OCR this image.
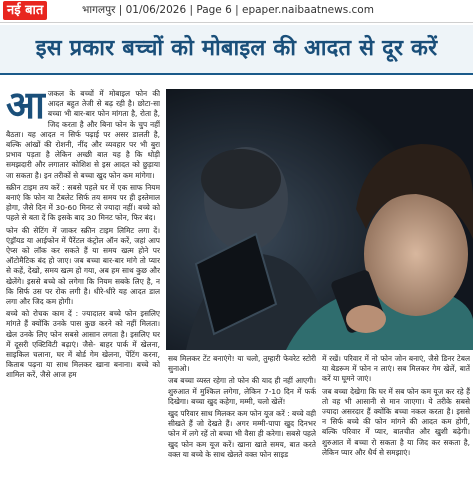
नई बात	भागलपुर | 01/06/2026 | Page 6 | epaper.naibaatnews.com
इस प्रकार बच्चों को मोबाइल की आदत से दूर करें

आजकल के बच्चों में मोबाइल फोन की आदत बहुत तेजी से बढ़ रही है। छोटा-सा बच्चा भी बार-बार फोन मांगता है, रोता है, जिद करता है और बिना फोन के चुप नहीं बैठता। यह आदत न सिर्फ पढ़ाई पर असर डालती है, बल्कि आंखों की रोशनी, नींद और व्यवहार पर भी बुरा प्रभाव पड़ता है लेकिन अच्छी बात यह है कि थोड़ी समझदारी और लगातार कोशिश से इस आदत को छुड़ाया जा सकता है। इन तरीकों से बच्चा खुद फोन कम मांगेगा।

स्क्रीन टाइम तय करें : सबसे पहले घर में एक साफ नियम बनाएं कि फोन या टैबलेट सिर्फ तय समय पर ही इस्तेमाल होगा, जैसे दिन में 30-60 मिनट से ज्यादा नहीं। बच्चे को पहले से बता दें कि इसके बाद 30 मिनट फोन, फिर बंद।

फोन की सेटिंग में जाकर स्क्रीन टाइम लिमिट लगा दें। एंड्रॉयड या आईफोन में पैरेंटल कंट्रोल ऑन करें, जहां आप ऐप्स को लॉक कर सकते हैं या समय खत्म होने पर ऑटोमैटिक बंद हो जाए। जब बच्चा बार-बार मांगे तो प्यार से कहें, देखो, समय खत्म हो गया, अब हम साथ कुछ और खेलेंगे। इससे बच्चे को लगेगा कि नियम सबके लिए है, न कि सिर्फ उस पर रोक लगी है। धीरे-धीरे यह आदत डाल लगा और जिद कम होगी।

बच्चे को रोचक काम दें : ज्यादातर बच्चे फोन इसलिए मांगते हैं क्योंकि उनके पास कुछ करने को नहीं मिलता। खेल उनके लिए फोन सबसे आसान लगता है। इसलिए घर में दूसरी एक्टिविटी बढ़ाएं। जैसे- बाहर पार्क में खेलना, साइकिल चलाना, घर में बोर्ड गेम खेलना, पेंटिंग करना, किताब पढ़ना या साथ मिलकर खाना बनाना। बच्चे को शामिल करें, जैसे आज हम

सब मिलकर टेंट बनाएंगे! या चलो, तुम्हारी फेवरेट स्टोरी सुनाओ।

जब बच्चा व्यस्त रहेगा तो फोन की याद ही नहीं आएगी। शुरुआत में मुश्किल लगेगा, लेकिन 7-10 दिन में फर्क दिखेगा। बच्चा खुद कहेगा, मम्मी, चलो खेलें!

खुद परिवार साथ मिलकर कम फोन यूज करें : बच्चे वही सीखते हैं जो देखते हैं। अगर मम्मी-पापा खुद दिनभर फोन में लगे रहें तो बच्चा भी वैसा ही करेगा। सबसे पहले खुद फोन कम यूज करें। खाना खाते समय, बात करते वक्त या बच्चे के साथ खेलते वक्त फोन साइड

में रखें। परिवार में नो फोन जोन बनाएं, जैसे डिनर टेबल या बेडरूम में फोन न लाएं। सब मिलकर गेम खेलें, बातें करें या घूमने जाएं।

जब बच्चा देखेगा कि घर में सब फोन कम यूज कर रहे हैं तो वह भी आसानी से मान जाएगा। ये तरीके सबसे ज्यादा असरदार हैं क्योंकि बच्चा नकल करता है। इससे न सिर्फ बच्चे की फोन मांगने की आदत कम होगी, बल्कि परिवार में प्यार, बातचीत और खुशी बढ़ेगी। शुरुआत में बच्चा रो सकता है या जिद कर सकता है, लेकिन प्यार और धैर्य से समझाएं।
